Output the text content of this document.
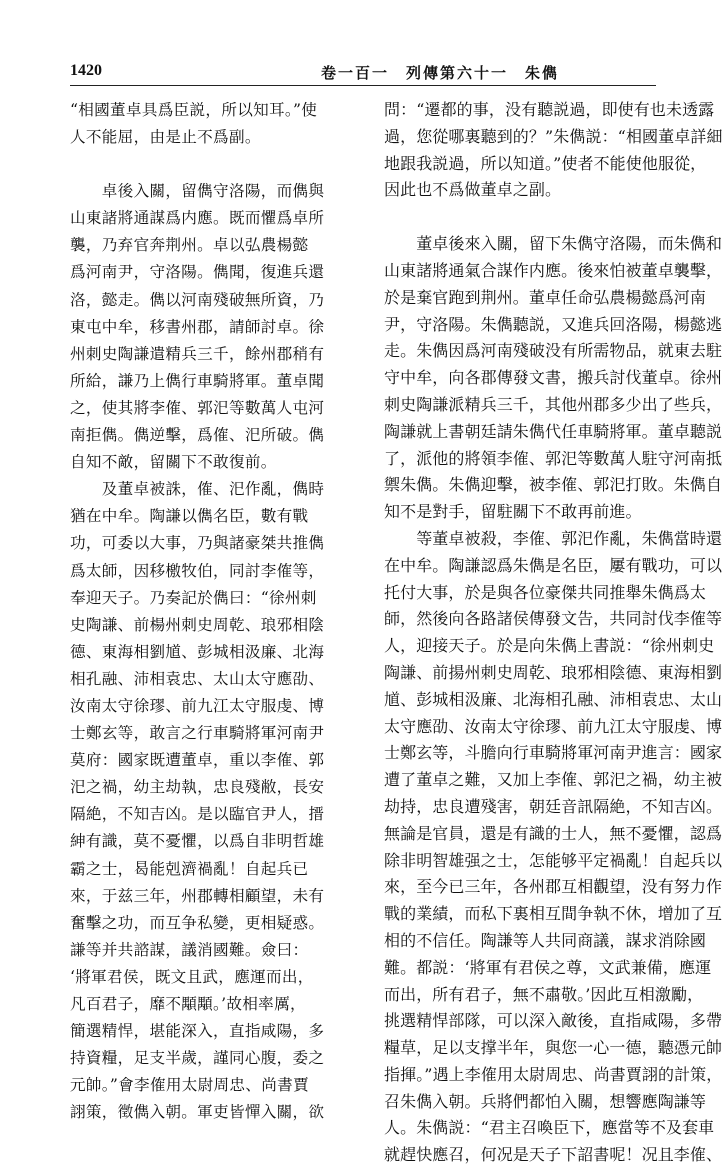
1420	卷一百一　列傳第六十一　朱儁
“相國董卓具爲臣説，所以知耳。”使
人不能屈，由是止不爲副。
　　卓後入關，留儁守洛陽，而儁與
山東諸將通謀爲内應。既而懼爲卓所
襲，乃弃官奔荆州。卓以弘農楊懿
爲河南尹，守洛陽。儁聞，復進兵還
洛，懿走。儁以河南殘破無所資，乃
東屯中牟，移書州郡，請師討卓。徐
州刺史陶謙遣精兵三千，餘州郡稍有
所給，謙乃上儁行車騎將軍。董卓聞
之，使其將李傕、郭汜等數萬人屯河
南拒儁。儁逆擊，爲傕、汜所破。儁
自知不敵，留關下不敢復前。
　　及董卓被誅，傕、汜作亂，儁時
猶在中牟。陶謙以儁名臣，數有戰
功，可委以大事，乃與諸豪桀共推儁
爲太師，因移檄牧伯，同討李傕等，
奉迎天子。乃奏記於儁曰：“徐州刺
史陶謙、前楊州刺史周乾、琅邪相陰
德、東海相劉馗、彭城相汲廉、北海
相孔融、沛相袁忠、太山太守應劭、
汝南太守徐璆、前九江太守服虔、博
士鄭玄等，敢言之行車騎將軍河南尹
莫府：國家既遭董卓，重以李傕、郭
汜之禍，幼主劫執，忠良殘敝，長安
隔絶，不知吉凶。是以臨官尹人，搢
紳有識，莫不憂懼，以爲自非明哲雄
霸之士，曷能剋濟禍亂！自起兵已
來，于兹三年，州郡轉相顧望，未有
奮擊之功，而互争私變，更相疑惑。
謙等并共諮謀，議消國難。僉曰：
‘將軍君侯，既文且武，應運而出，
凡百君子，靡不顒顒。’故相率厲，
簡選精悍，堪能深入，直指咸陽，多
持資糧，足支半歲，謹同心腹，委之
元帥。”會李傕用太尉周忠、尚書賈
詡策，徵儁入朝。軍吏皆憚入關，欲
問：“遷都的事，没有聽説過，即使有也未透露
過，您從哪裏聽到的？”朱儁説：“相國董卓詳細
地跟我説過，所以知道。”使者不能使他服從，
因此也不爲做董卓之副。
　　董卓後來入關，留下朱儁守洛陽，而朱儁和
山東諸將通氣合謀作内應。後來怕被董卓襲擊，
於是棄官跑到荆州。董卓任命弘農楊懿爲河南
尹，守洛陽。朱儁聽説，又進兵回洛陽，楊懿逃
走。朱儁因爲河南殘破没有所需物品，就東去駐
守中牟，向各郡傳發文書，搬兵討伐董卓。徐州
刺史陶謙派精兵三千，其他州郡多少出了些兵，
陶謙就上書朝廷請朱儁代任車騎將軍。董卓聽説
了，派他的將領李傕、郭汜等數萬人駐守河南抵
禦朱儁。朱儁迎擊，被李傕、郭汜打敗。朱儁自
知不是對手，留駐關下不敢再前進。
　　等董卓被殺，李傕、郭汜作亂，朱儁當時還
在中牟。陶謙認爲朱儁是名臣，屢有戰功，可以
托付大事，於是與各位豪傑共同推舉朱儁爲太
師，然後向各路諸侯傳發文告，共同討伐李傕等
人，迎接天子。於是向朱儁上書説：“徐州刺史
陶謙、前揚州刺史周乾、琅邪相陰德、東海相劉
馗、彭城相汲廉、北海相孔融、沛相袁忠、太山
太守應劭、汝南太守徐璆、前九江太守服虔、博
士鄭玄等，斗膽向行車騎將軍河南尹進言：國家
遭了董卓之難，又加上李傕、郭汜之禍，幼主被
劫持，忠良遭殘害，朝廷音訊隔絶，不知吉凶。
無論是官員，還是有識的士人，無不憂懼，認爲
除非明智雄强之士，怎能够平定禍亂！自起兵以
來，至今已三年，各州郡互相觀望，没有努力作
戰的業績，而私下裏相互間争執不休，增加了互
相的不信任。陶謙等人共同商議，謀求消除國
難。都説：‘將軍有君侯之尊，文武兼備，應運
而出，所有君子，無不肅敬。’因此互相激勵，
挑選精悍部隊，可以深入敵後，直指咸陽，多帶
糧草，足以支撑半年，與您一心一德，聽憑元帥
指揮。”遇上李傕用太尉周忠、尚書賈詡的計策，
召朱儁入朝。兵將們都怕入關，想響應陶謙等
人。朱儁説：“君主召喚臣下，應當等不及套車
就趕快應召，何况是天子下詔書呢！况且李傕、
